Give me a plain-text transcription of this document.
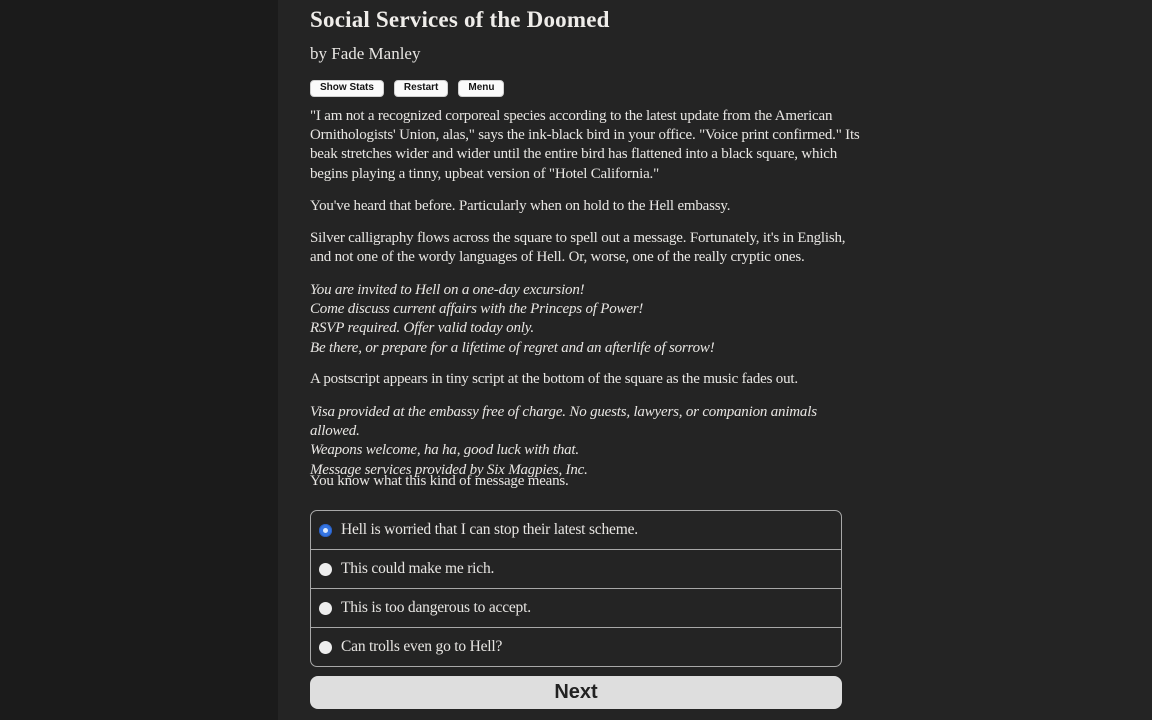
Social Services of the Doomed
by Fade Manley
Show Stats	Restart	Menu

"I am not a recognized corporeal species according to the latest update from the American Ornithologists' Union, alas," says the ink-black bird in your office. "Voice print confirmed." Its beak stretches wider and wider until the entire bird has flattened into a black square, which begins playing a tinny, upbeat version of "Hotel California."

You've heard that before. Particularly when on hold to the Hell embassy.

Silver calligraphy flows across the square to spell out a message. Fortunately, it's in English, and not one of the wordy languages of Hell. Or, worse, one of the really cryptic ones.

You are invited to Hell on a one-day excursion!
Come discuss current affairs with the Princeps of Power!
RSVP required. Offer valid today only.
Be there, or prepare for a lifetime of regret and an afterlife of sorrow!

A postscript appears in tiny script at the bottom of the square as the music fades out.

Visa provided at the embassy free of charge. No guests, lawyers, or companion animals allowed.
Weapons welcome, ha ha, good luck with that.
Message services provided by Six Magpies, Inc.

You know what this kind of message means.

Hell is worried that I can stop their latest scheme.
This could make me rich.
This is too dangerous to accept.
Can trolls even go to Hell?
Next
